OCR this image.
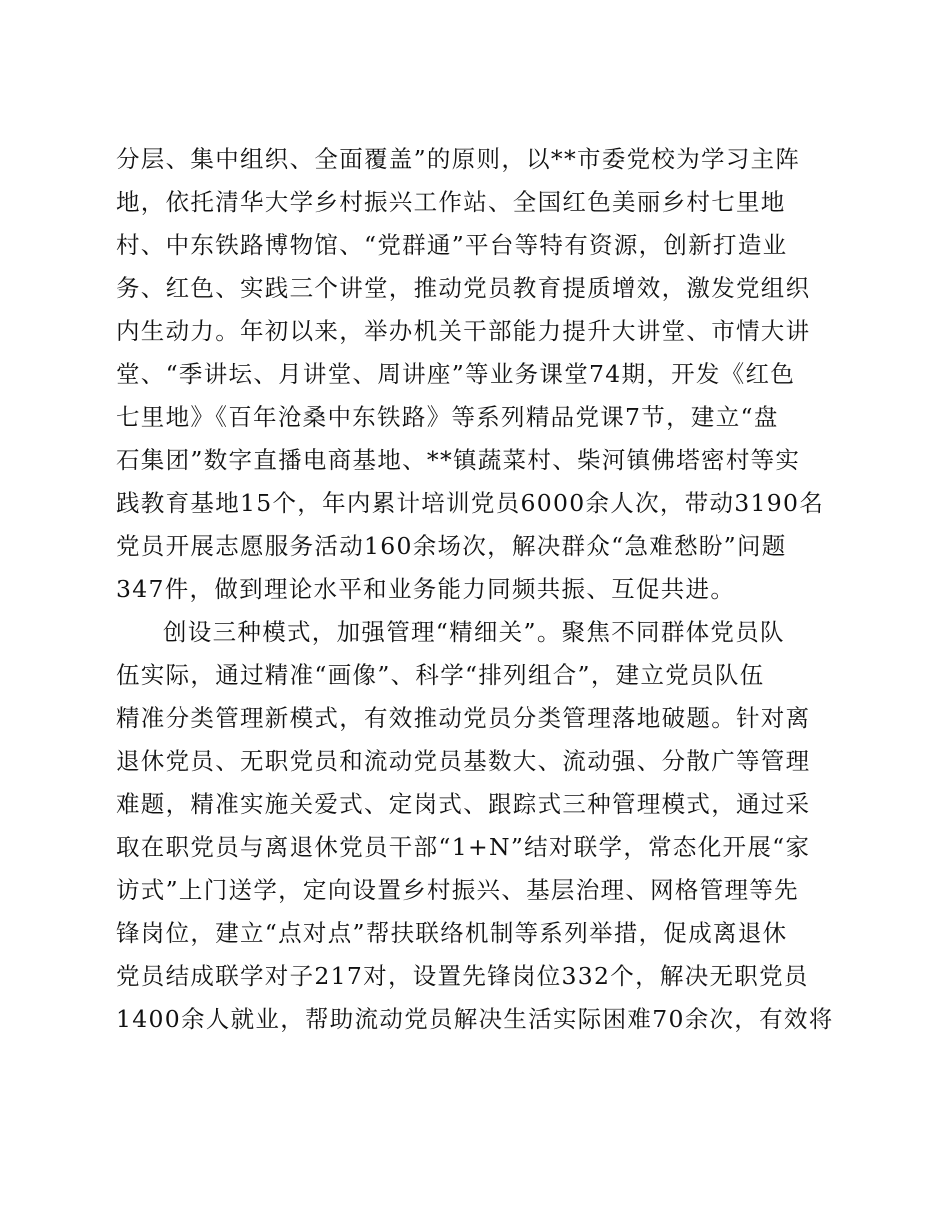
分层、集中组织、全面覆盖”的原则，以**市委党校为学习主阵
地，依托清华大学乡村振兴工作站、全国红色美丽乡村七里地
村、中东铁路博物馆、“党群通”平台等特有资源，创新打造业
务、红色、实践三个讲堂，推动党员教育提质增效，激发党组织
内生动力。年初以来，举办机关干部能力提升大讲堂、市情大讲
堂、“季讲坛、月讲堂、周讲座”等业务课堂74期，开发《红色
七里地》《百年沧桑中东铁路》等系列精品党课7节，建立“盘
石集团”数字直播电商基地、**镇蔬菜村、柴河镇佛塔密村等实
践教育基地15个，年内累计培训党员6000余人次，带动3190名
党员开展志愿服务活动160余场次，解决群众“急难愁盼”问题
347件，做到理论水平和业务能力同频共振、互促共进。
创设三种模式，加强管理“精细关”。聚焦不同群体党员队
伍实际，通过精准“画像”、科学“排列组合”，建立党员队伍
精准分类管理新模式，有效推动党员分类管理落地破题。针对离
退休党员、无职党员和流动党员基数大、流动强、分散广等管理
难题，精准实施关爱式、定岗式、跟踪式三种管理模式，通过采
取在职党员与离退休党员干部“1+N”结对联学，常态化开展“家
访式”上门送学，定向设置乡村振兴、基层治理、网格管理等先
锋岗位，建立“点对点”帮扶联络机制等系列举措，促成离退休
党员结成联学对子217对，设置先锋岗位332个，解决无职党员
1400余人就业，帮助流动党员解决生活实际困难70余次，有效将
